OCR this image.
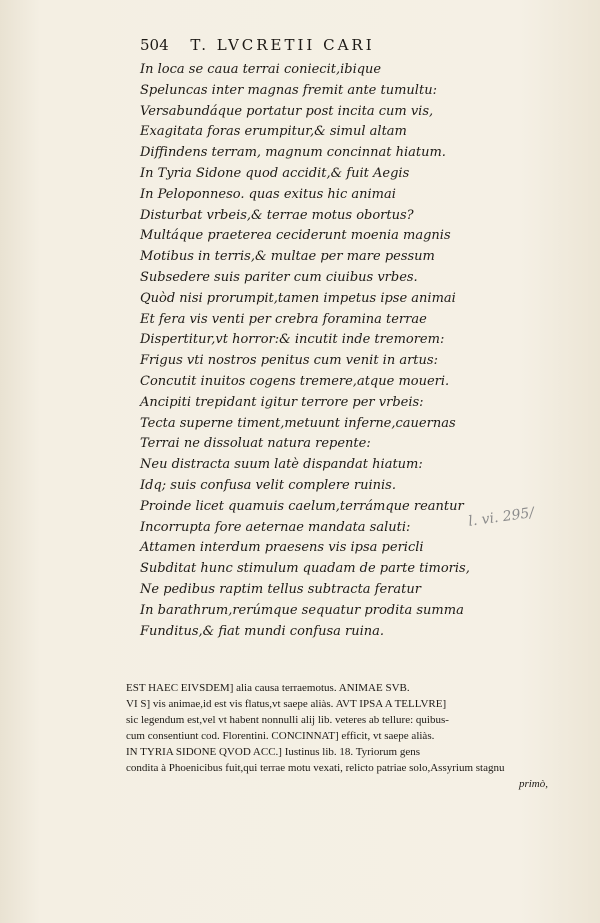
504 T. LVCRETII CARI
In loca se caua terrai coniecit,ibique
Speluncas inter magnas fremit ante tumultu:
Versabundáque portatur post incita cum vis,
Exagitata foras erumpitur,& simul altam
Diffindens terram, magnum concinnat hiatum.
In Tyria Sidone quod accidit,& fuit Aegis
In Peloponneso. quas exitus hic animai
Disturbat vrbeis,& terrae motus obortus?
Multáque praeterea ceciderunt moenia magnis
Motibus in terris,& multae per mare pessum
Subsedere suis pariter cum ciuibus vrbes.
Quòd nisi prorumpit,tamen impetus ipse animai
Et fera vis venti per crebra foramina terrae
Dispertitur,vt horror:& incutit inde tremorem:
Frigus vti nostros penitus cum venit in artus:
Concutit inuitos cogens tremere,atque moueri.
Ancipiti trepidant igitur terrore per vrbeis:
Tecta superne timent,metuunt inferne,cauernas
Terrai ne dissoluat natura repente:
Neu distracta suum latè dispandat hiatum:
Idq; suis confusa velit complere ruinis.
Proinde licet quamuis caelum,terrámque reantur
Incorrupta fore aeternae mandata saluti:
Attamen interdum praesens vis ipsa pericli
Subditat hunc stimulum quadam de parte timoris,
Ne pedibus raptim tellus subtracta feratur
In barathrum,rerúmque sequatur prodita summa
Funditus,& fiat mundi confusa ruina.
l. vi. 295/
EST HAEC EIVSDEM] alia causa terraemotus. ANIMAE SVB.
VI S] vis animae,id est vis flatus,vt saepe aliàs. AVT IPSA A TELLVRE]
sic legendum est,vel vt habent nonnulli alij lib. veteres ab tellure: quibus-
cum consentiunt cod. Florentini. CONCINNAT] efficit, vt saepe aliàs.
IN TYRIA SIDONE QVOD ACC.] Iustinus lib. 18. Tyriorum gens
condita à Phoenicibus fuit,qui terrae motu vexati, relicto patriae solo,Assyrium stagnu
primò,
